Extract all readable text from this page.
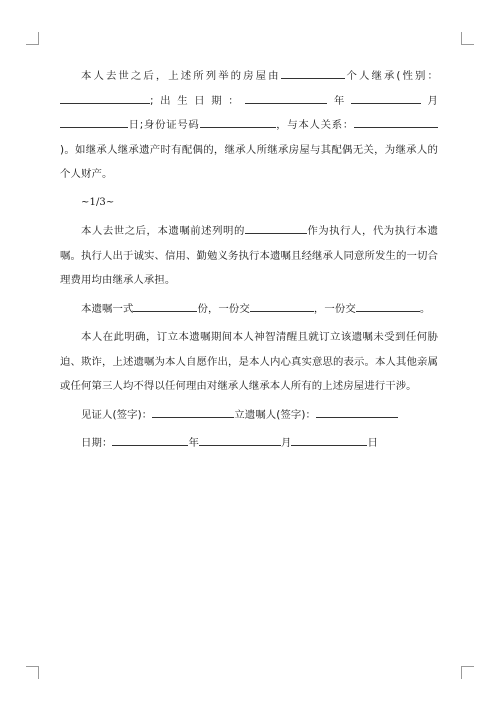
本人去世之后，上述所列举的房屋由	个人继承(性别：;出生日期：	年	月日;身份证号码	，与本人关系：)。如继承人继承遗产时有配偶的，继承人所继承房屋与其配偶无关，为继承人的个人财产。

~1/3~

本人去世之后，本遗嘱前述列明的	作为执行人，代为执行本遗嘱。执行人出于诚实、信用、勤勉义务执行本遗嘱且经继承人同意所发生的一切合理费用均由继承人承担。

本遗嘱一式	份，一份交	，一份交	。

本人在此明确，订立本遗嘱期间本人神智清醒且就订立该遗嘱未受到任何胁迫、欺诈，上述遗嘱为本人自愿作出，是本人内心真实意思的表示。本人其他亲属或任何第三人均不得以任何理由对继承人继承本人所有的上述房屋进行干涉。

见证人(签字)：	立遗嘱人(签字)：

日期：	年	月	日
